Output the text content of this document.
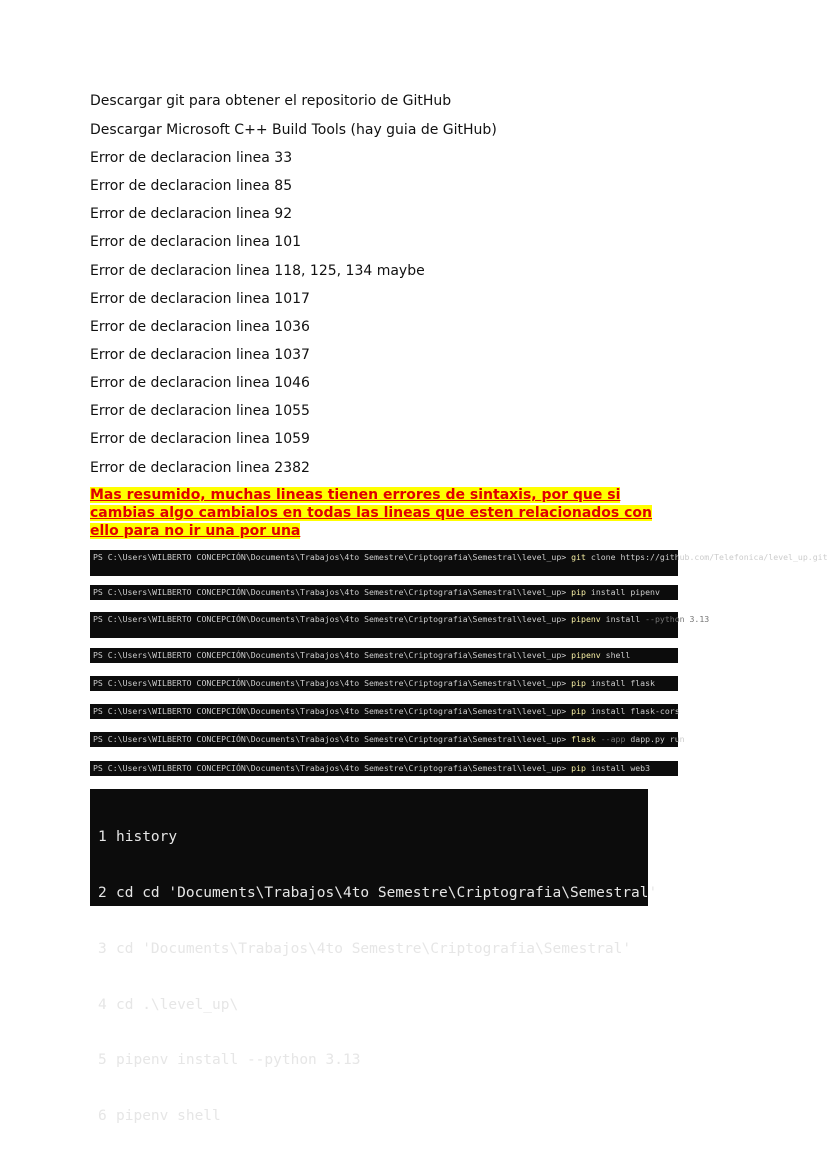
Descargar git para obtener el repositorio de GitHub
Descargar Microsoft C++ Build Tools (hay guia de GitHub)
Error de declaracion linea 33
Error de declaracion linea 85
Error de declaracion linea 92
Error de declaracion linea 101
Error de declaracion linea 118, 125, 134 maybe
Error de declaracion linea 1017
Error de declaracion linea 1036
Error de declaracion linea 1037
Error de declaracion linea 1046
Error de declaracion linea 1055
Error de declaracion linea 1059
Error de declaracion linea 2382
Mas resumido, muchas lineas tienen errores de sintaxis, por que si cambias algo cambialos en todas las lineas que esten relacionados con ello para no ir una por una
PS C:\Users\WILBERTO CONCEPCIÓN\Documents\Trabajos\4to Semestre\Criptografia\Semestral\level_up> git clone https://github.com/Telefonica/level_up.git
PS C:\Users\WILBERTO CONCEPCIÓN\Documents\Trabajos\4to Semestre\Criptografia\Semestral\level_up> pip install pipenv
PS C:\Users\WILBERTO CONCEPCIÓN\Documents\Trabajos\4to Semestre\Criptografia\Semestral\level_up> pipenv install --python 3.13
PS C:\Users\WILBERTO CONCEPCIÓN\Documents\Trabajos\4to Semestre\Criptografia\Semestral\level_up> pipenv shell
PS C:\Users\WILBERTO CONCEPCIÓN\Documents\Trabajos\4to Semestre\Criptografia\Semestral\level_up> pip install flask
PS C:\Users\WILBERTO CONCEPCIÓN\Documents\Trabajos\4to Semestre\Criptografia\Semestral\level_up> pip install flask-cors
PS C:\Users\WILBERTO CONCEPCIÓN\Documents\Trabajos\4to Semestre\Criptografia\Semestral\level_up> flask --app dapp.py run
PS C:\Users\WILBERTO CONCEPCIÓN\Documents\Trabajos\4to Semestre\Criptografia\Semestral\level_up> pip install web3

1 history

2 cd cd 'Documents\Trabajos\4to Semestre\Criptografia\Semestral'

3 cd 'Documents\Trabajos\4to Semestre\Criptografia\Semestral'

4 cd .\level_up\

5 pipenv install --python 3.13

6 pipenv shell
